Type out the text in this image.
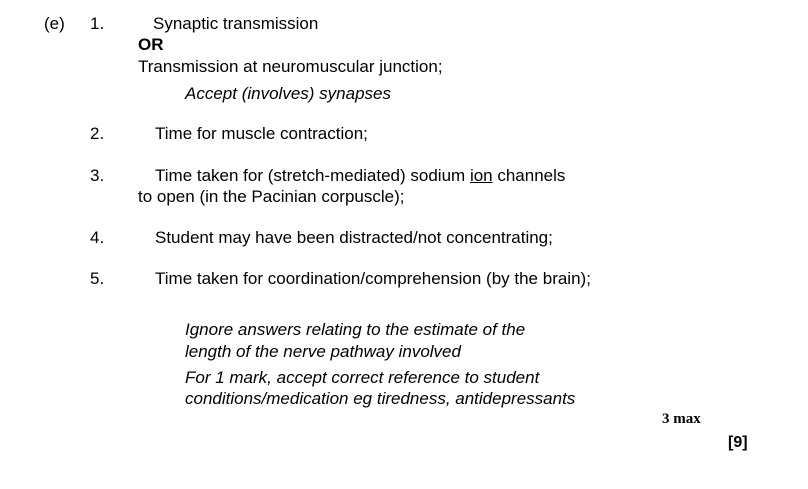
(e) 1.	Synaptic transmission
OR
Transmission at neuromuscular junction;
Accept (involves) synapses
2.	Time for muscle contraction;
3.	Time taken for (stretch-mediated) sodium ion channels
to open (in the Pacinian corpuscle);
4.	Student may have been distracted/not concentrating;
5.	Time taken for coordination/comprehension (by the brain);
Ignore answers relating to the estimate of the
length of the nerve pathway involved
For 1 mark, accept correct reference to student
conditions/medication eg tiredness, antidepressants
3 max
[9]
